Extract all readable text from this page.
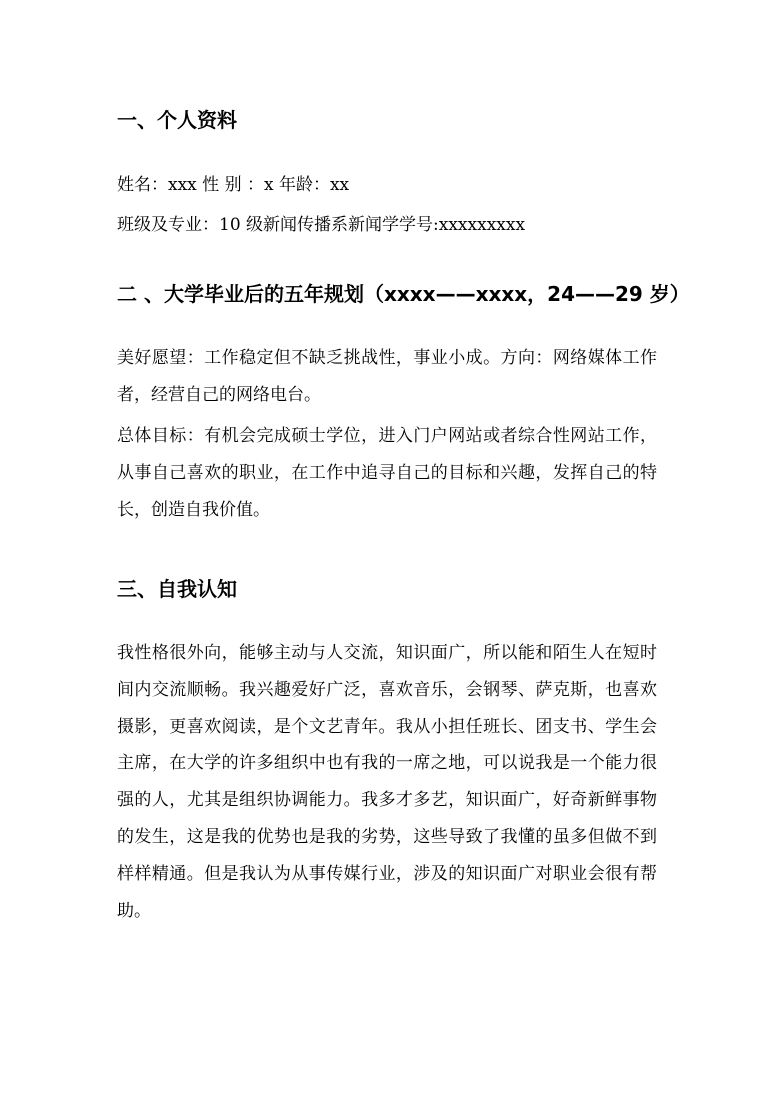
一、个人资料
姓名：xxx 性 别 ：x 年龄：xx
班级及专业：10 级新闻传播系新闻学学号:xxxxxxxxx
二 、大学毕业后的五年规划（xxxx——xxxx，24——29 岁）
美好愿望：工作稳定但不缺乏挑战性，事业小成。方向：网络媒体工作者，经营自己的网络电台。
总体目标：有机会完成硕士学位，进入门户网站或者综合性网站工作，从事自己喜欢的职业，在工作中追寻自己的目标和兴趣，发挥自己的特长，创造自我价值。
三、自我认知
我性格很外向，能够主动与人交流，知识面广，所以能和陌生人在短时间内交流顺畅。我兴趣爱好广泛，喜欢音乐，会钢琴、萨克斯，也喜欢摄影，更喜欢阅读，是个文艺青年。我从小担任班长、团支书、学生会主席，在大学的许多组织中也有我的一席之地，可以说我是一个能力很强的人，尤其是组织协调能力。我多才多艺，知识面广，好奇新鲜事物的发生，这是我的优势也是我的劣势，这些导致了我懂的虽多但做不到样样精通。但是我认为从事传媒行业，涉及的知识面广对职业会很有帮助。
